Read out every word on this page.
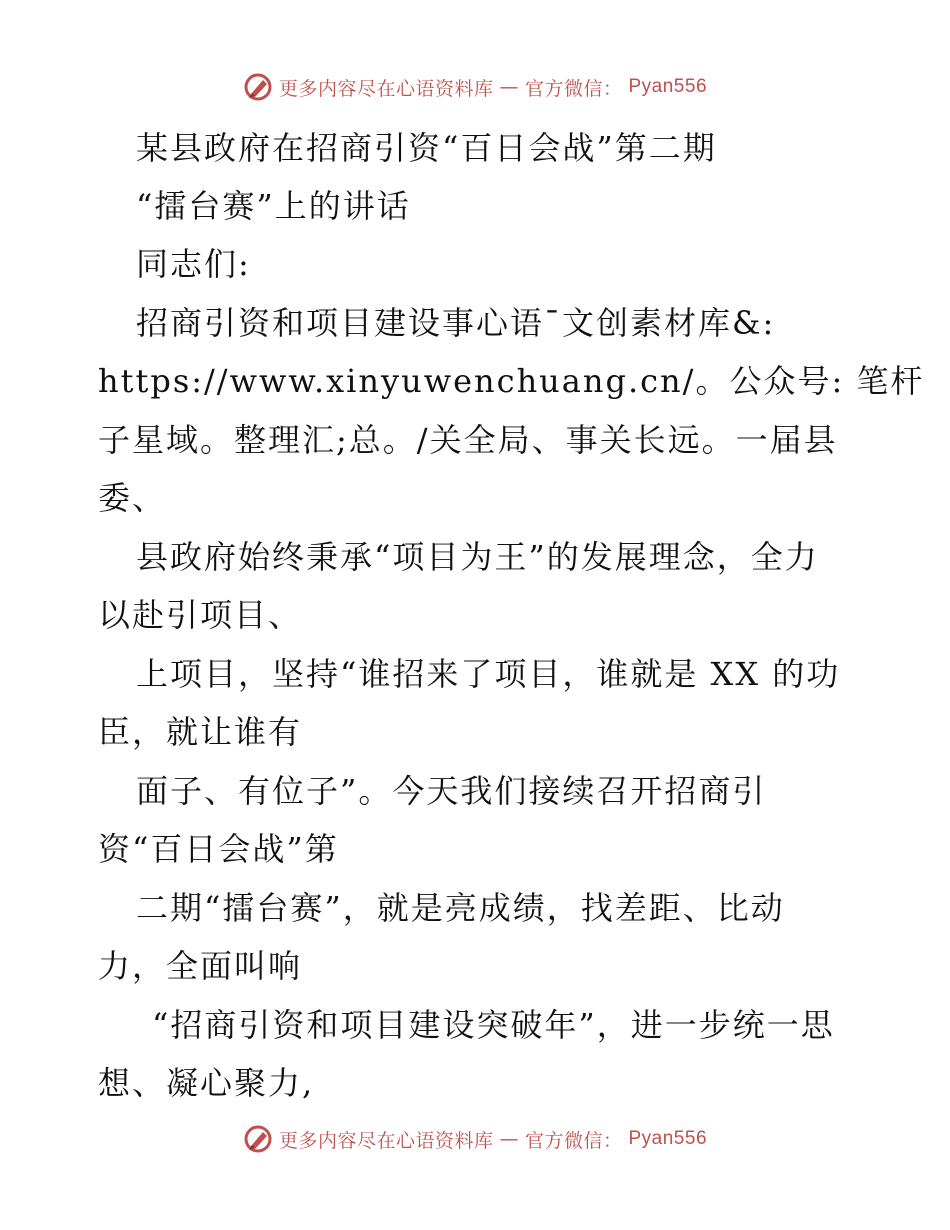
更多内容尽在心语资料库 — 官方微信： Pyan556
某县政府在招商引资“百日会战”第二期
“擂台赛”上的讲话
同志们:
招商引资和项目建设事心语¯文创素材库&:
https://www.xinyuwenchuang.cn/。公众号: 笔杆
子星域。整理汇;总。/关全局、事关长远。一届县
委、
县政府始终秉承“项目为王”的发展理念，全力
以赴引项目、
上项目，坚持“谁招来了项目，谁就是 XX 的功
臣，就让谁有
面子、有位子”。今天我们接续召开招商引
资“百日会战”第
二期“擂台赛”，就是亮成绩，找差距、比动
力，全面叫响
“招商引资和项目建设突破年”，进一步统一思
想、凝心聚力,
更多内容尽在心语资料库 — 官方微信： Pyan556
